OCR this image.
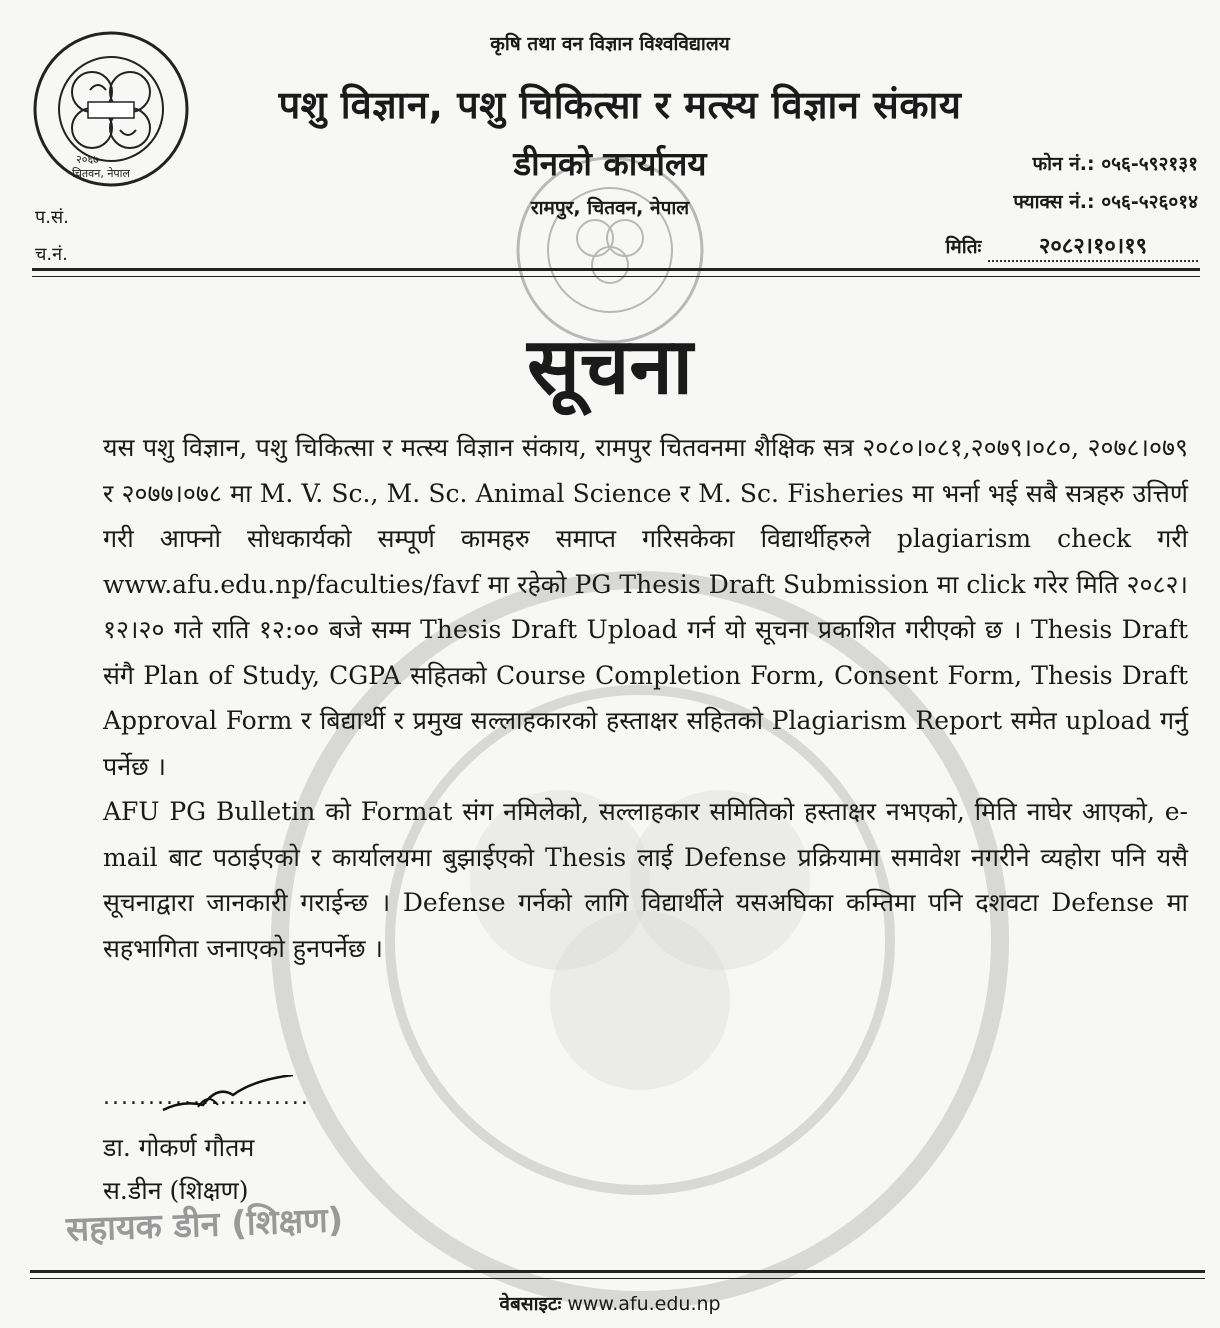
२०६७
चितवन, नेपाल
कृषि तथा वन विज्ञान विश्वविद्यालय
पशु विज्ञान, पशु चिकित्सा र मत्स्य विज्ञान संकाय
डीनको कार्यालय
रामपुर, चितवन, नेपाल
फोन नं.: ०५६-५९२१३१
फ्याक्स नं.: ०५६-५२६०१४
मितिः	२०८२।१०।१९
प.सं.
च.नं.
सूचना

यस पशु विज्ञान, पशु चिकित्सा र मत्स्य विज्ञान संकाय, रामपुर चितवनमा शैक्षिक सत्र २०८०।०८१,२०७९।०८०, २०७८।०७९ र २०७७।०७८ मा M. V. Sc., M. Sc. Animal Science र M. Sc. Fisheries मा भर्ना भई सबै सत्रहरु उत्तिर्ण गरी आफ्नो सोधकार्यको सम्पूर्ण कामहरु समाप्त गरिसकेका विद्यार्थीहरुले plagiarism check गरी www.afu.edu.np/faculties/favf मा रहेको PG Thesis Draft Submission मा click गरेर मिति २०८२।१२।२० गते राति १२:०० बजे सम्म Thesis Draft Upload गर्न यो सूचना प्रकाशित गरीएको छ । Thesis Draft संगै Plan of Study, CGPA सहितको Course Completion Form, Consent Form, Thesis Draft Approval Form र बिद्यार्थी र प्रमुख सल्लाहकारको हस्ताक्षर सहितको Plagiarism Report समेत upload गर्नु पर्नेछ ।

AFU PG Bulletin को Format संग नमिलेको, सल्लाहकार समितिको हस्ताक्षर नभएको, मिति नाघेर आएको, e-mail बाट पठाईएको र कार्यालयमा बुझाईएको Thesis लाई Defense प्रक्रियामा समावेश नगरीने व्यहोरा पनि यसै सूचनाद्वारा जानकारी गराईन्छ । Defense गर्नको लागि विद्यार्थीले यसअघिका कम्तिमा पनि दशवटा Defense मा सहभागिता जनाएको हुनपर्नेछ ।

.......................
डा. गोकर्ण गौतम
स.डीन (शिक्षण)
सहायक डीन (शिक्षण)
वेबसाइटः www.afu.edu.np
